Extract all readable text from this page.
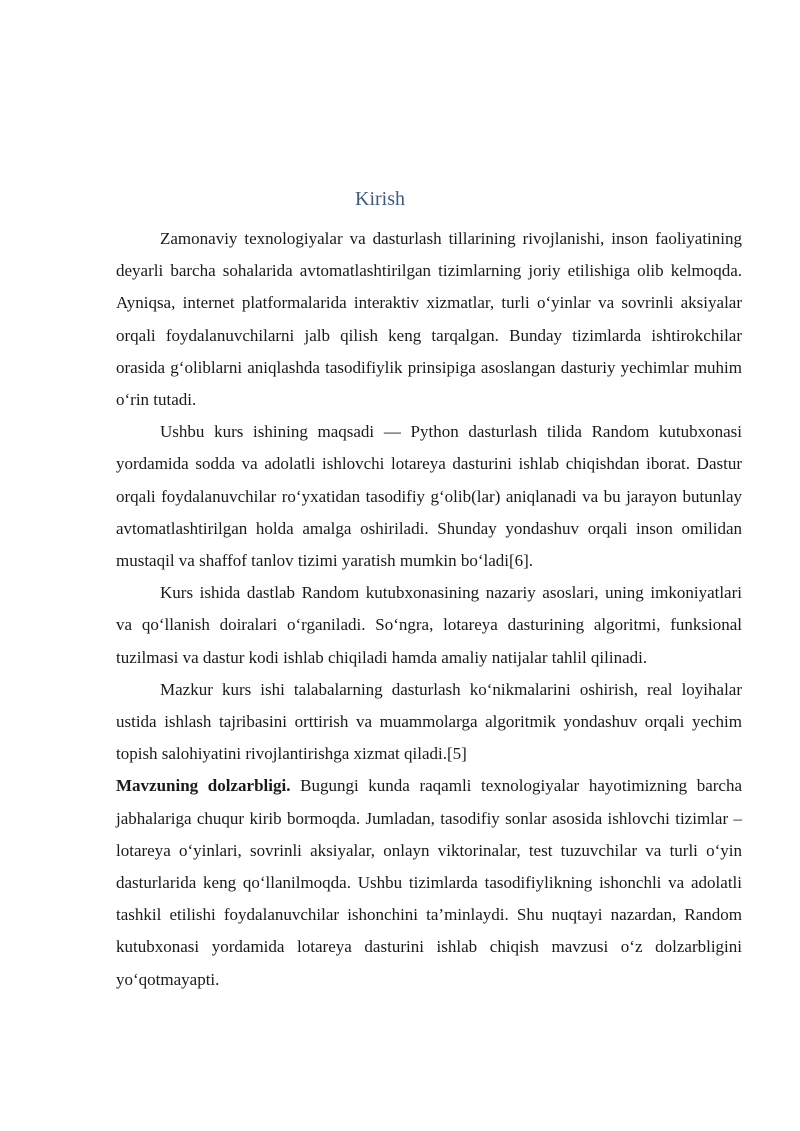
Kirish

Zamonaviy texnologiyalar va dasturlash tillarining rivojlanishi, inson faoliyatining deyarli barcha sohalarida avtomatlashtirilgan tizimlarning joriy etilishiga olib kelmoqda. Ayniqsa, internet platformalarida interaktiv xizmatlar, turli o‘yinlar va sovrinli aksiyalar orqali foydalanuvchilarni jalb qilish keng tarqalgan. Bunday tizimlarda ishtirokchilar orasida g‘oliblarni aniqlashda tasodifiylik prinsipiga asoslangan dasturiy yechimlar muhim o‘rin tutadi.

Ushbu kurs ishining maqsadi — Python dasturlash tilida Random kutubxonasi yordamida sodda va adolatli ishlovchi lotareya dasturini ishlab chiqishdan iborat. Dastur orqali foydalanuvchilar ro‘yxatidan tasodifiy g‘olib(lar) aniqlanadi va bu jarayon butunlay avtomatlashtirilgan holda amalga oshiriladi. Shunday yondashuv orqali inson omilidan mustaqil va shaffof tanlov tizimi yaratish mumkin bo‘ladi[6].

Kurs ishida dastlab Random kutubxonasining nazariy asoslari, uning imkoniyatlari va qo‘llanish doiralari o‘rganiladi. So‘ngra, lotareya dasturining algoritmi, funksional tuzilmasi va dastur kodi ishlab chiqiladi hamda amaliy natijalar tahlil qilinadi.

Mazkur kurs ishi talabalarning dasturlash ko‘nikmalarini oshirish, real loyihalar ustida ishlash tajribasini orttirish va muammolarga algoritmik yondashuv orqali yechim topish salohiyatini rivojlantirishga xizmat qiladi.[5]

Mavzuning dolzarbligi. Bugungi kunda raqamli texnologiyalar hayotimizning barcha jabhalariga chuqur kirib bormoqda. Jumladan, tasodifiy sonlar asosida ishlovchi tizimlar – lotareya o‘yinlari, sovrinli aksiyalar, onlayn viktorinalar, test tuzuvchilar va turli o‘yin dasturlarida keng qo‘llanilmoqda. Ushbu tizimlarda tasodifiylikning ishonchli va adolatli tashkil etilishi foydalanuvchilar ishonchini ta’minlaydi. Shu nuqtayi nazardan, Random kutubxonasi yordamida lotareya dasturini ishlab chiqish mavzusi o‘z dolzarbligini yo‘qotmayapti.
